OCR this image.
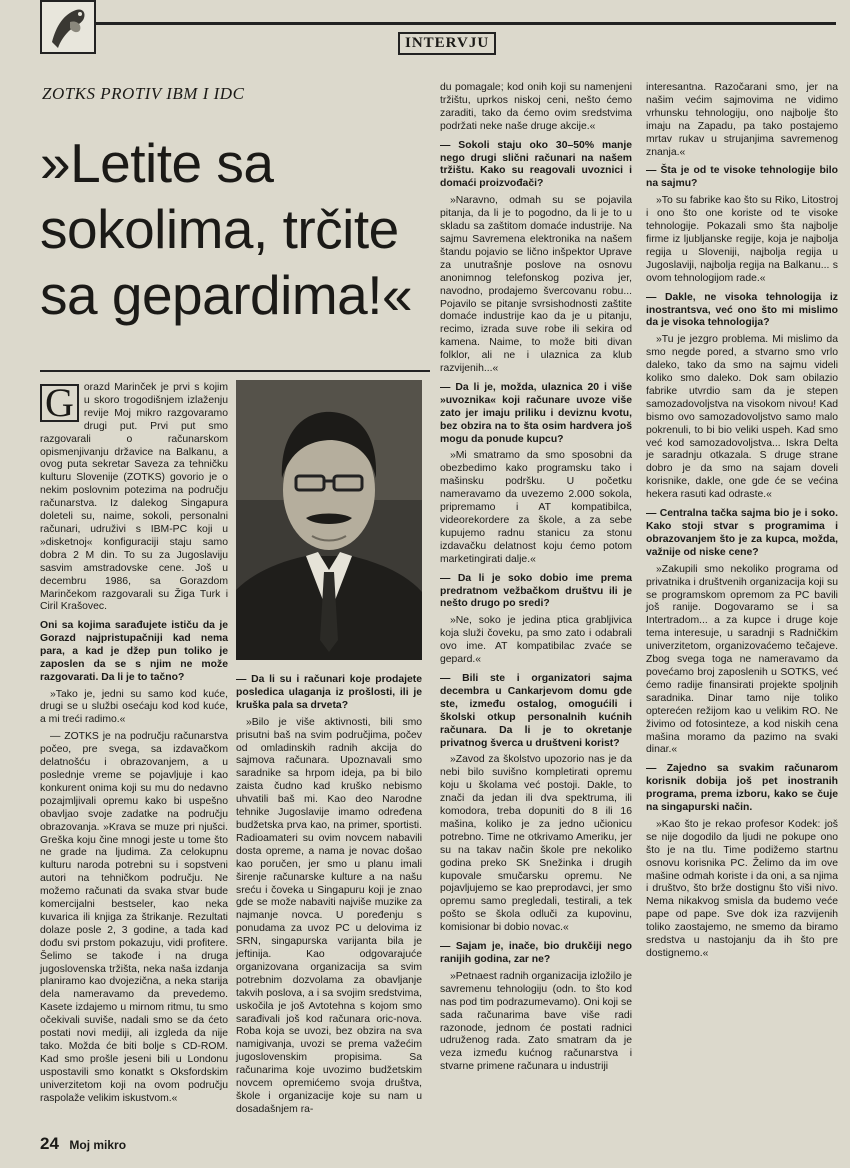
INTERVJU
ZOTKS PROTIV IBM I IDC
»Letite sa sokolima, trčite sa gepardima!«

G orazd Marinček je prvi s kojim u skoro trogodišnjem izlaženju revije Moj mikro razgovaramo drugi put. Prvi put smo razgovarali o računarskom opismenjivanju državice na Balkanu, a ovog puta sekretar Saveza za tehničku kulturu Slovenije (ZOTKS) govorio je o nekim poslovnim potezima na području računarstva. Iz dalekog Singapura doleteli su, naime, sokoli, personalni računari, udruživi s IBM-PC koji u »disketnoj« konfiguraciji staju samo dobra 2 M din. To su za Jugoslaviju sasvim amstradovske cene. Još u decembru 1986, sa Gorazdom Marinčekom razgovarali su Žiga Turk i Ciril Krašovec.

Oni sa kojima sarađujete ističu da je Gorazd najpristupačniji kad nema para, a kad je džep pun toliko je zaposlen da se s njim ne može razgovarati. Da li je to tačno?

»Tako je, jedni su samo kod kuće, drugi se u službi osećaju kod kod kuće, a mi treći radimo.«

— ZOTKS je na području računarstva počeo, pre svega, sa izdavačkom delatnošću i obrazovanjem, a u poslednje vreme se pojavljuje i kao konkurent onima koji su mu do nedavno pozajmljivali opremu kako bi uspešno obavljao svoje zadatke na području obrazovanja. »Krava se muze pri njušci. Greška koju čine mnogi jeste u tome što ne grade na ljudima. Za celokupnu kulturu naroda potrebni su i sopstveni autori na tehničkom području. Ne možemo računati da svaka stvar bude komercijalni bestseler, kao neka kuvarica ili knjiga za štrikanje. Rezultati dolaze posle 2, 3 godine, a tada kad dođu svi prstom pokazuju, vidi profitere. Šelimo se takođe i na druga jugoslovenska tržišta, neka naša izdanja planiramo kao dvojezična, a neka starija dela nameravamo da prevedemo. Kasete izdajemo u mirnom ritmu, tu smo očekivali suviše, nadali smo se da ćeto postati novi mediji, ali izgleda da nije tako. Možda će biti bolje s CD-ROM. Kad smo prošle jeseni bili u Londonu uspostavili smo konatkt s Oksfordskim univerzitetom koji na ovom području raspolaže velikim iskustvom.«

— Da li su i računari koje prodajete posledica ulaganja iz prošlosti, ili je kruška pala sa drveta?

»Bilo je više aktivnosti, bili smo prisutni baš na svim područjima, počev od omladinskih radnih akcija do sajmova računara. Upoznavali smo saradnike sa hrpom ideja, pa bi bilo zaista čudno kad kruško nebismo uhvatili baš mi. Kao deo Narodne tehnike Jugoslavije imamo određena budžetska prva kao, na primer, sportisti. Radioamateri su ovim novcem nabavili dosta opreme, a nama je novac došao kao poručen, jer smo u planu imali širenje računarske kulture a na našu sreću i čoveka u Singapuru koji je znao gde se može nabaviti najviše muzike za najmanje novca. U poređenju s ponudama za uvoz PC u delovima iz SRN, singapurska varijanta bila je jeftinija. Kao odgovarajuće organizovana organizacija sa svim potrebnim dozvolama za obavljanje takvih poslova, a i sa svojim sredstvima, uskočila je još Avtotehna s kojom smo sarađivali još kod računara oric-nova. Roba koja se uvozi, bez obzira na sva namigivanja, uvozi se prema važećim jugoslovenskim propisima. Sa računarima koje uvozimo budžetskim novcem opremićemo svoja društva, škole i organizacije koje su nam u dosadašnjem ra-

du pomagale; kod onih koji su namenjeni tržištu, uprkos niskoj ceni, nešto ćemo zaraditi, tako da ćemo ovim sredstvima podržati neke naše druge akcije.«

— Sokoli staju oko 30–50% manje nego drugi slični računari na našem tržištu. Kako su reagovali uvoznici i domaći proizvođači?

»Naravno, odmah su se pojavila pitanja, da li je to pogodno, da li je to u skladu sa zaštitom domaće industrije. Na sajmu Savremena elektronika na našem štandu pojavio se lično inšpektor Uprave za unutrašnje poslove na osnovu anonimnog telefonskog poziva jer, navodno, prodajemo švercovanu robu... Pojavilo se pitanje svrsishodnosti zaštite domaće industrije kao da je u pitanju, recimo, izrada suve robe ili sekira od kamena. Naime, to može biti divan folklor, ali ne i ulaznica za klub razvijenih...«

— Da li je, možda, ulaznica 20 i više »uvoznika« koji računare uvoze više zato jer imaju priliku i deviznu kvotu, bez obzira na to šta osim hardvera još mogu da ponude kupcu?

»Mi smatramo da smo sposobni da obezbedimo kako programsku tako i mašinsku podršku. U početku nameravamo da uvezemo 2.000 sokola, pripremamo i AT kompatibilca, videorekordere za škole, a za sebe kupujemo radnu stanicu za stonu izdavačku delatnost koju ćemo potom marketingirati dalje.«

— Da li je soko dobio ime prema predratnom vežbačkom društvu ili je nešto drugo po sredi?

»Ne, soko je jedina ptica grabljivica koja služi čoveku, pa smo zato i odabrali ovo ime. AT kompatibilac zvaće se gepard.«

— Bili ste i organizatori sajma decembra u Cankarjevom domu gde ste, između ostalog, omogućili i školski otkup personalnih kućnih računara. Da li je to okretanje privatnog šverca u društveni korist?

»Zavod za školstvo upozorio nas je da nebi bilo suvišno kompletirati opremu koju u školama već postoji. Dakle, to znači da jedan ili dva spektruma, ili komodora, treba dopuniti do 8 ili 16 mašina, koliko je za jedno učionicu potrebno. Time ne otkrivamo Ameriku, jer su na takav način škole pre nekoliko godina preko SK Snežinka i drugih kupovale smučarsku opremu. Ne pojavljujemo se kao preprodavci, jer smo opremu samo pregledali, testirali, a tek pošto se škola odluči za kupovinu, komisionar bi dobio novac.«

— Sajam je, inače, bio drukčiji nego ranijih godina, zar ne?

»Petnaest radnih organizacija izložilo je savremenu tehnologiju (odn. to što kod nas pod tim podrazumevamo). Oni koji se sada računarima bave više radi razonode, jednom će postati radnici udruženog rada. Zato smatram da je veza između kućnog računarstva i stvarne primene računara u industriji

interesantna. Razočarani smo, jer na našim većim sajmovima ne vidimo vrhunsku tehnologiju, ono najbolje što imaju na Zapadu, pa tako postajemo mrtav rukav u strujanjima savremenog znanja.«

— Šta je od te visoke tehnologije bilo na sajmu?

»To su fabrike kao što su Riko, Litostroj i ono što one koriste od te visoke tehnologije. Pokazali smo šta najbolje firme iz ljubljanske regije, koja je najbolja regija u Sloveniji, najbolja regija u Jugoslaviji, najbolja regija na Balkanu... s ovom tehnologijom rade.«

— Dakle, ne visoka tehnologija iz inostrantsva, već ono što mi mislimo da je visoka tehnologija?

»Tu je jezgro problema. Mi mislimo da smo negde pored, a stvarno smo vrlo daleko, tako da smo na sajmu videli koliko smo daleko. Dok sam obilazio fabrike utvrdio sam da je stepen samozadovoljstva na visokom nivou! Kad bismo ovo samozadovoljstvo samo malo pokrenuli, to bi bio veliki uspeh. Kad smo već kod samozadovoljstva... Iskra Delta je saradnju otkazala. S druge strane dobro je da smo na sajam doveli korisnike, dakle, one gde će se većina hekera rasuti kad odraste.«

— Centralna tačka sajma bio je i soko. Kako stoji stvar s programima i obrazovanjem što je za kupca, možda, važnije od niske cene?

»Zakupili smo nekoliko programa od privatnika i društvenih organizacija koji su se programskom opremom za PC bavili još ranije. Dogovaramo se i sa Intertradom... a za kupce i druge koje tema interesuje, u saradnji s Radničkim univerzitetom, organizovaćemo tečajeve. Zbog svega toga ne nameravamo da povećamo broj zaposlenih u SOTKS, već ćemo radije finansirati projekte spoljnih saradnika. Dinar tamo nije toliko opterećen režijom kao u velikim RO. Ne živimo od fotosinteze, a kod niskih cena mašina moramo da pazimo na svaki dinar.«

— Zajedno sa svakim računarom korisnik dobija još pet inostranih programa, prema izboru, kako se čuje na singapurski način.

»Kao što je rekao profesor Kodek: još se nije dogodilo da ljudi ne pokupe ono što je na tlu. Time podižemo startnu osnovu korisnika PC. Želimo da im ove mašine odmah koriste i da oni, a sa njima i društvo, što brže dostignu što viši nivo. Nema nikakvog smisla da budemo veće pape od pape. Sve dok iza razvijenih toliko zaostajemo, ne smemo da biramo sredstva u nastojanju da ih što pre dostignemo.«

24 Moj mikro
